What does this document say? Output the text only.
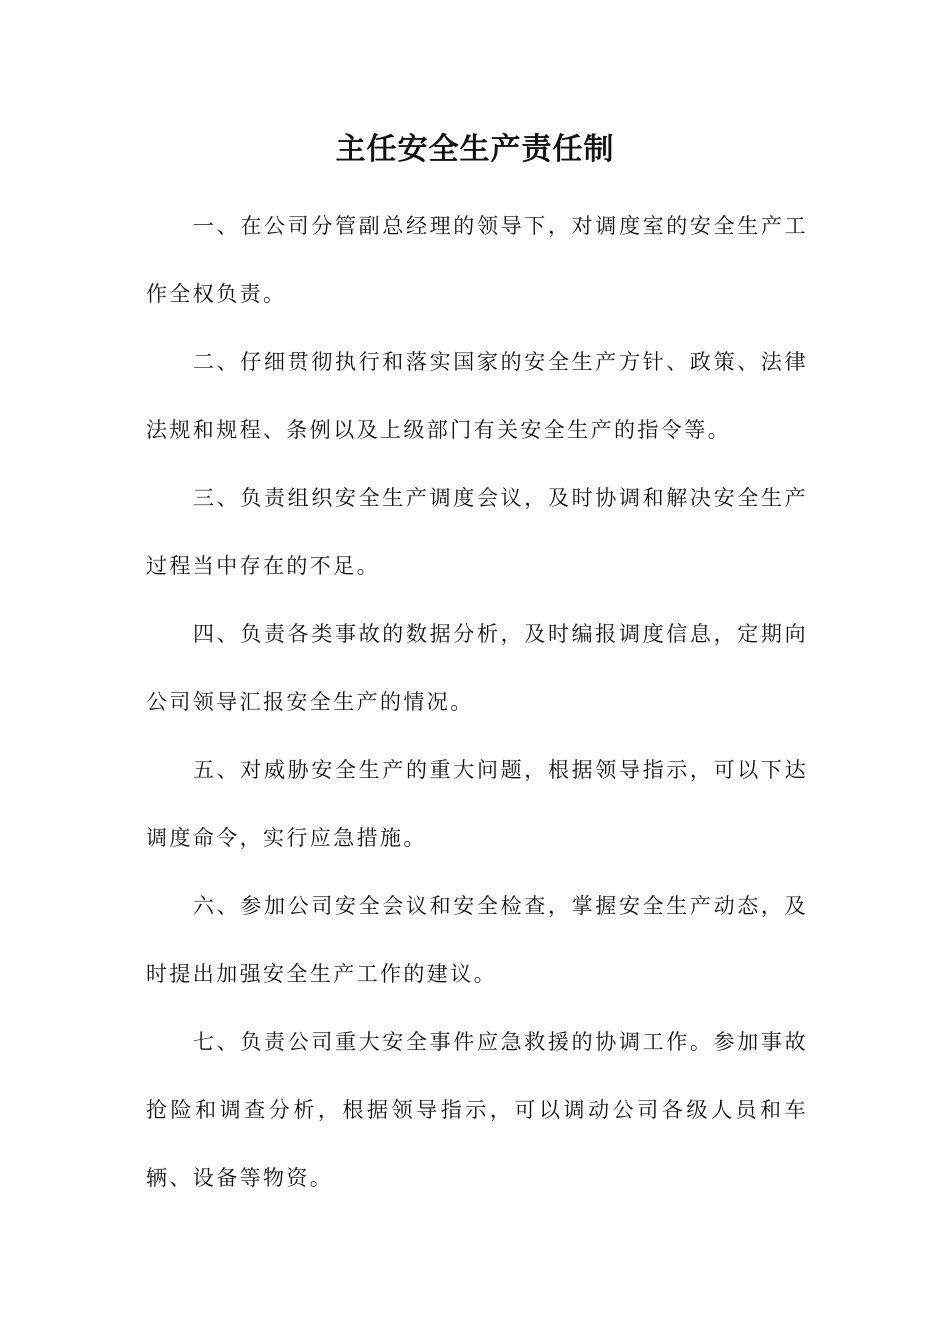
主任安全生产责任制

一、在公司分管副总经理的领导下，对调度室的安全生产工作全权负责。

二、仔细贯彻执行和落实国家的安全生产方针、政策、法律法规和规程、条例以及上级部门有关安全生产的指令等。

三、负责组织安全生产调度会议，及时协调和解决安全生产过程当中存在的不足。

四、负责各类事故的数据分析，及时编报调度信息，定期向公司领导汇报安全生产的情况。

五、对威胁安全生产的重大问题，根据领导指示，可以下达调度命令，实行应急措施。

六、参加公司安全会议和安全检查，掌握安全生产动态，及时提出加强安全生产工作的建议。

七、负责公司重大安全事件应急救援的协调工作。参加事故抢险和调查分析，根据领导指示，可以调动公司各级人员和车辆、设备等物资。
